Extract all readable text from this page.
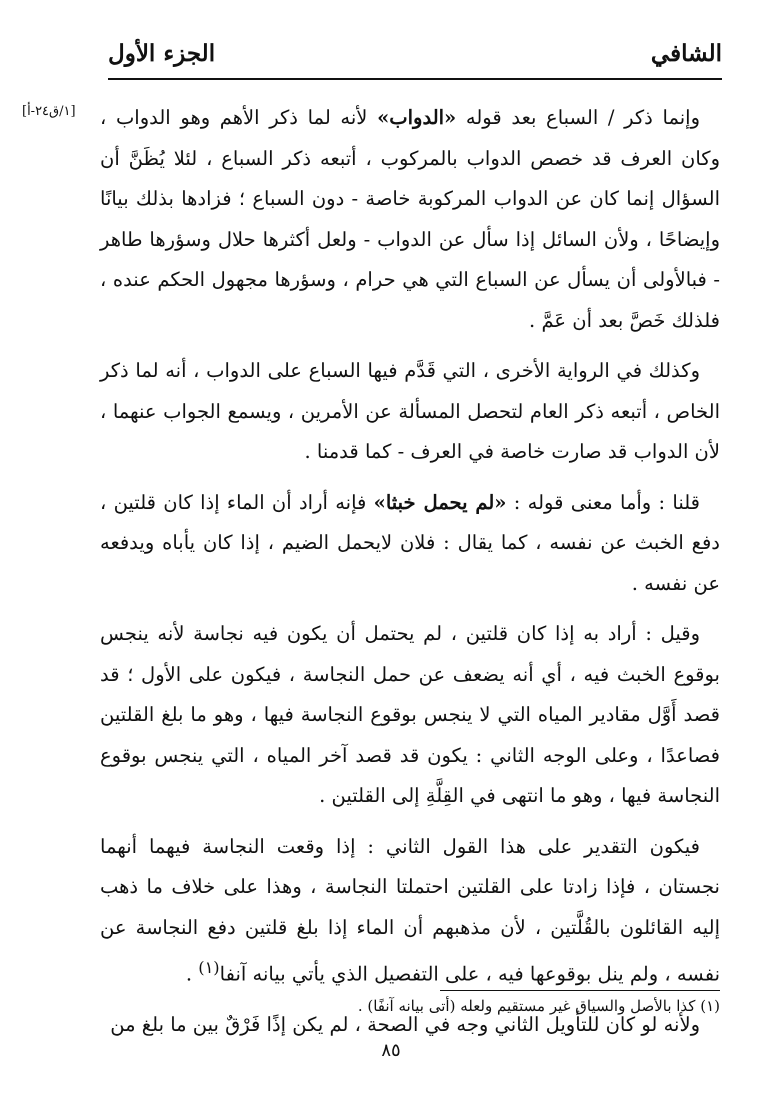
الشافي
الجزء الأول
[١/ق٢٤-أ]	وإنما ذكر / السباع بعد قوله «الدواب» لأنه لما ذكر الأهم وهو الدواب ، وكان العرف قد خصص الدواب بالمركوب ، أتبعه ذكر السباع ، لئلا يُظَنَّ أن السؤال إنما كان عن الدواب المركوبة خاصة - دون السباع ؛ فزادها بذلك بيانًا وإيضاحًا ، ولأن السائل إذا سأل عن الدواب - ولعل أكثرها حلال وسؤرها طاهر - فبالأولى أن يسأل عن السباع التي هي حرام ، وسؤرها مجهول الحكم عنده ، فلذلك خَصَّ بعد أن عَمَّ .

وكذلك في الرواية الأخرى ، التي قَدَّم فيها السباع على الدواب ، أنه لما ذكر الخاص ، أتبعه ذكر العام لتحصل المسألة عن الأمرين ، ويسمع الجواب عنهما ، لأن الدواب قد صارت خاصة في العرف - كما قدمنا .

قلنا : وأما معنى قوله : «لم يحمل خبثا» فإنه أراد أن الماء إذا كان قلتين ، دفع الخبث عن نفسه ، كما يقال : فلان لايحمل الضيم ، إذا كان يأباه ويدفعه عن نفسه .

وقيل : أراد به إذا كان قلتين ، لم يحتمل أن يكون فيه نجاسة لأنه ينجس بوقوع الخبث فيه ، أي أنه يضعف عن حمل النجاسة ، فيكون على الأول ؛ قد قصد أَوَّل مقادير المياه التي لا ينجس بوقوع النجاسة فيها ، وهو ما بلغ القلتين فصاعدًا ، وعلى الوجه الثاني : يكون قد قصد آخر المياه ، التي ينجس بوقوع النجاسة فيها ، وهو ما انتهى في القِلَّةِ إلى القلتين .

فيكون التقدير على هذا القول الثاني : إذا وقعت النجاسة فيهما أنهما نجستان ، فإذا زادتا على القلتين احتملتا النجاسة ، وهذا على خلاف ما ذهب إليه القائلون بالقُلَّتين ، لأن مذهبهم أن الماء إذا بلغ قلتين دفع النجاسة عن نفسه ، ولم ينل بوقوعها فيه ، على التفصيل الذي يأتي بيانه آنفا$^{(١)}$ .

ولأنه لو كان للتأويل الثاني وجه في الصحة ، لم يكن إذًا فَرْقٌ بين ما بلغ من

(١) كذا بالأصل والسياق غير مستقيم ولعله (أتى بيانه آنفًا) .
٨٥
